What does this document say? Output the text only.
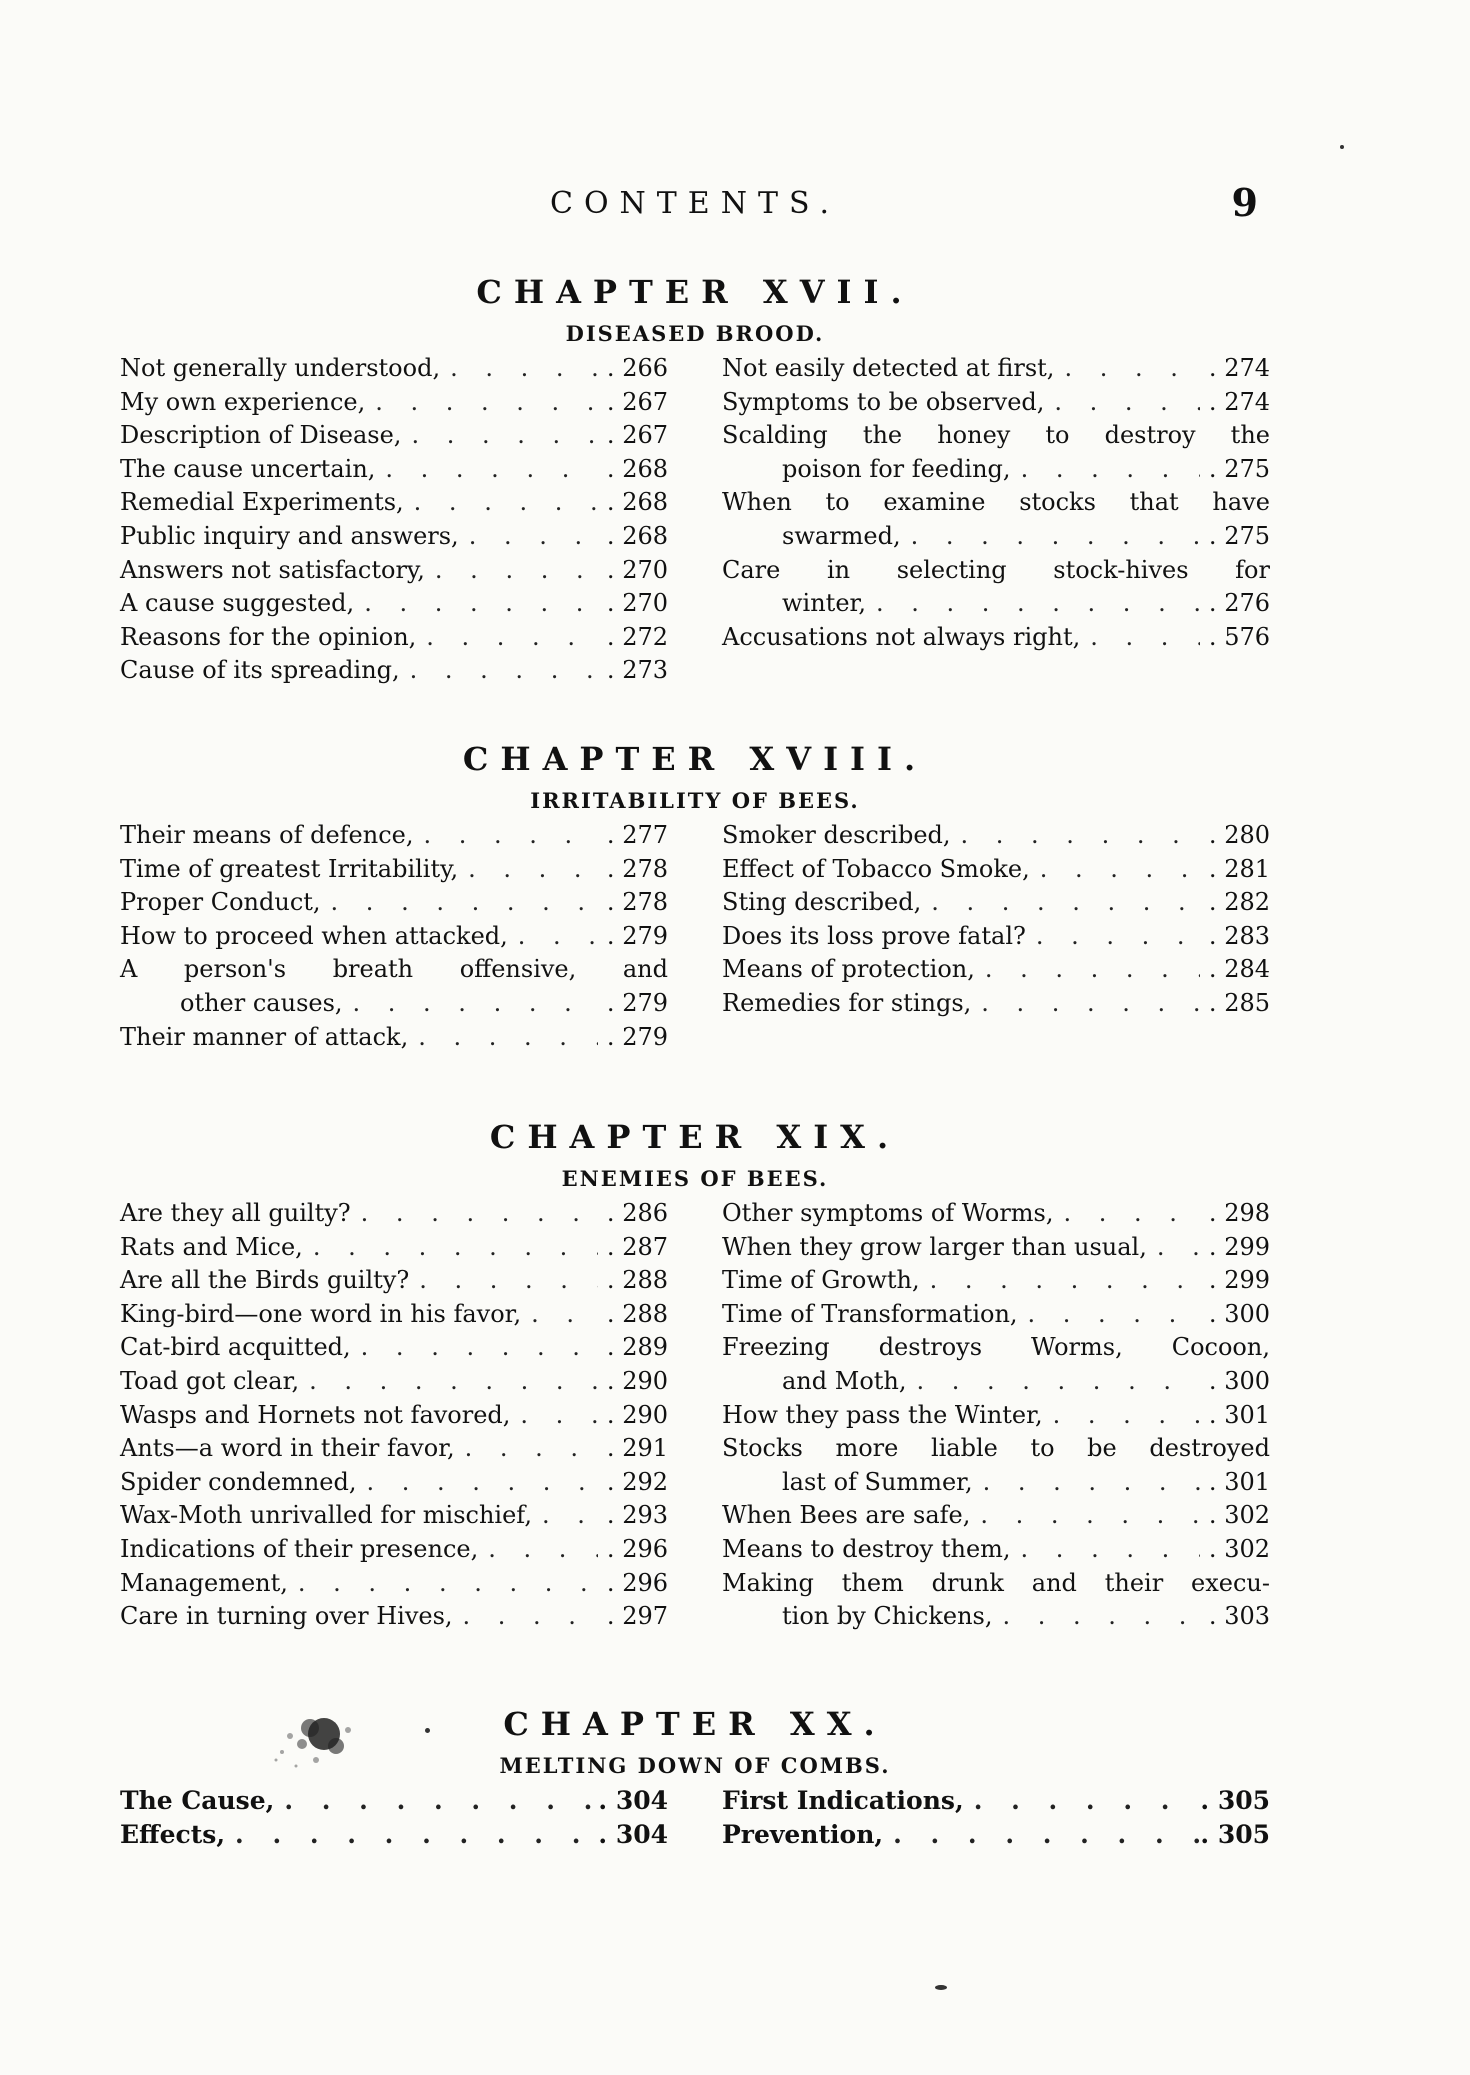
CONTENTS.	9
CHAPTER XVII.
DISEASED BROOD.
Not generally understood, . . .	. 266
My own experience, . . .	. 267
Description of Disease, . . .	. 267
The cause uncertain, . . .	. 268
Remedial Experiments, . . .	. 268
Public inquiry and answers, . . .	. 268
Answers not satisfactory, . . .	. 270
A cause suggested, . . .	. 270
Reasons for the opinion, . . .	. 272
Cause of its spreading, . . .	. 273
Not easily detected at first, . . .	. 274
Symptoms to be observed, . . .	. 274
Scalding the honey to destroy the
poison for feeding, . . .	. 275
When to examine stocks that have
swarmed, . . .	. 275
Care in selecting stock-hives for
winter, . . .	. 276
Accusations not always right, . . .	. 576
CHAPTER XVIII.
IRRITABILITY OF BEES.
Their means of defence, . . .	. 277
Time of greatest Irritability, . . .	. 278
Proper Conduct, . . .	. 278
How to proceed when attacked, . . .	. 279
A person's breath offensive, and
other causes, . . .	. 279
Their manner of attack, . . .	. 279
Smoker described, . . .	. 280
Effect of Tobacco Smoke, . . .	. 281
Sting described, . . .	. 282
Does its loss prove fatal? . . .	. 283
Means of protection, . . .	. 284
Remedies for stings, . . .	. 285
CHAPTER XIX.
ENEMIES OF BEES.
Are they all guilty? . . .	. 286
Rats and Mice, . . .	. 287
Are all the Birds guilty? . . .	. 288
King-bird—one word in his favor, . . .	. 288
Cat-bird acquitted, . . .	. 289
Toad got clear, . . .	. 290
Wasps and Hornets not favored, . . .	. 290
Ants—a word in their favor, . . .	. 291
Spider condemned, . . .	. 292
Wax-Moth unrivalled for mischief, . . .	. 293
Indications of their presence, . . .	. 296
Management, . . .	. 296
Care in turning over Hives, . . .	. 297
Other symptoms of Worms, . . .	. 298
When they grow larger than usual, . . .	. 299
Time of Growth, . . .	. 299
Time of Transformation, . . .	. 300
Freezing destroys Worms, Cocoon,
and Moth, . . .	. 300
How they pass the Winter, . . .	. 301
Stocks more liable to be destroyed
last of Summer, . . .	. 301
When Bees are safe, . . .	. 302
Means to destroy them, . . .	. 302
Making them drunk and their execu-
tion by Chickens, . . .	. 303
CHAPTER XX.
MELTING DOWN OF COMBS.
The Cause, . . .	. 304
Effects, . . .	. 304
First Indications, . . .	. 305
Prevention, . . .	. 305
